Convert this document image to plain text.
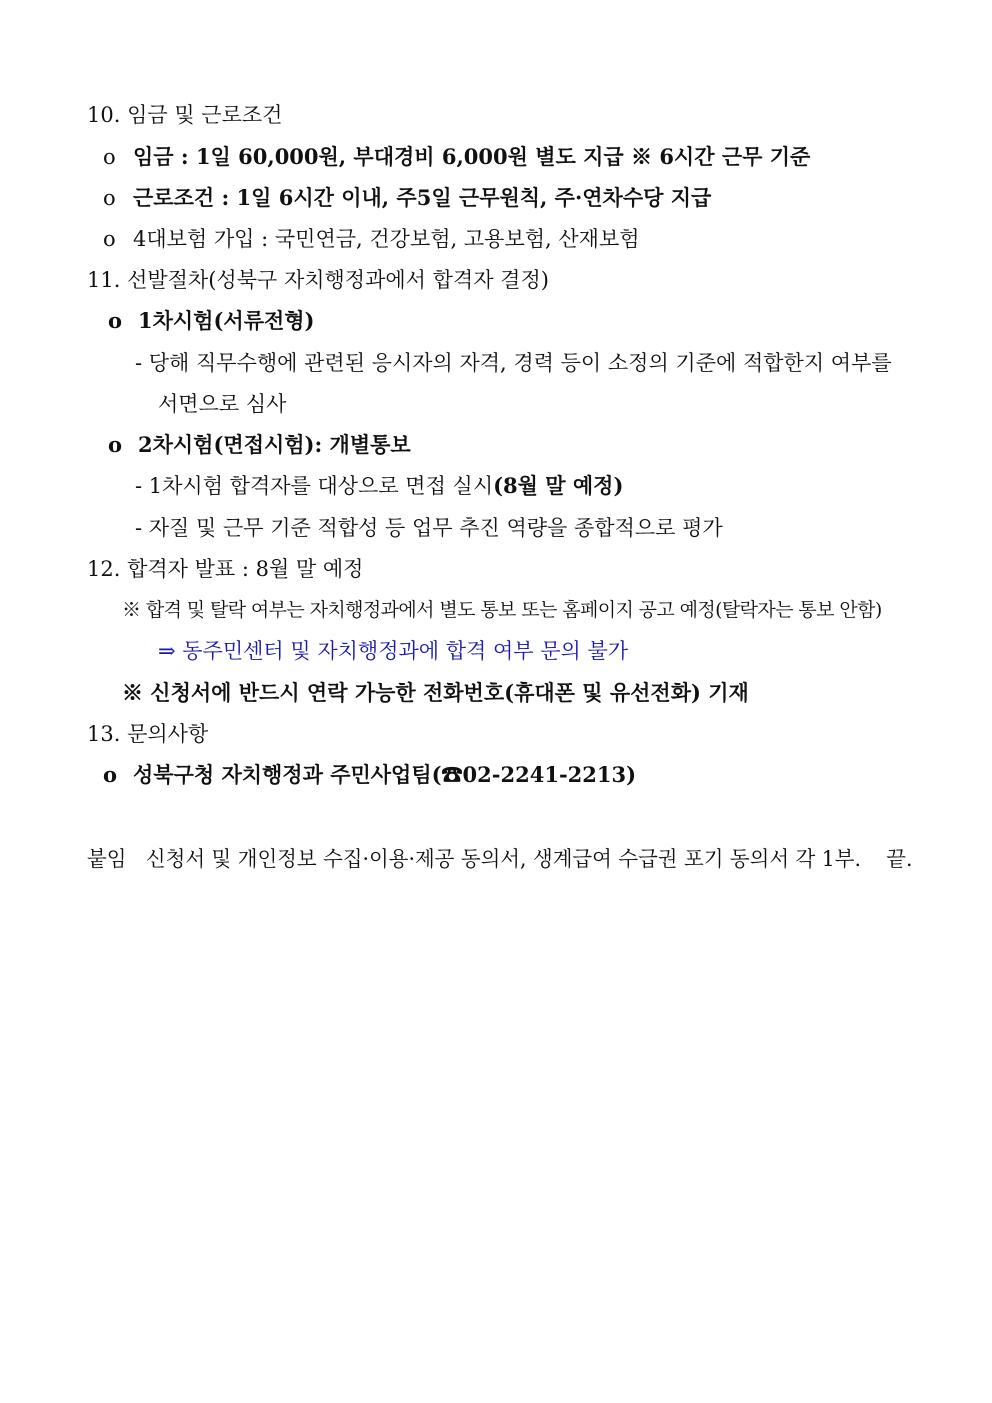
10. 임금 및 근로조건
o 임금 : 1일 60,000원, 부대경비 6,000원 별도 지급 ※ 6시간 근무 기준
o 근로조건 : 1일 6시간 이내, 주5일 근무원칙, 주·연차수당 지급
o 4대보험 가입 : 국민연금, 건강보험, 고용보험, 산재보험
11. 선발절차(성북구 자치행정과에서 합격자 결정)
o 1차시험(서류전형)
- 당해 직무수행에 관련된 응시자의 자격, 경력 등이 소정의 기준에 적합한지 여부를
서면으로 심사
o 2차시험(면접시험): 개별통보
- 1차시험 합격자를 대상으로 면접 실시(8월 말 예정)
- 자질 및 근무 기준 적합성 등 업무 추진 역량을 종합적으로 평가
12. 합격자 발표 : 8월 말 예정
※ 합격 및 탈락 여부는 자치행정과에서 별도 통보 또는 홈페이지 공고 예정(탈락자는 통보 안함)
⇒ 동주민센터 및 자치행정과에 합격 여부 문의 불가
※ 신청서에 반드시 연락 가능한 전화번호(휴대폰 및 유선전화) 기재
13. 문의사항
o 성북구청 자치행정과 주민사업팀(☎02-2241-2213)
붙임 신청서 및 개인정보 수집·이용·제공 동의서, 생계급여 수급권 포기 동의서 각 1부. 끝.
